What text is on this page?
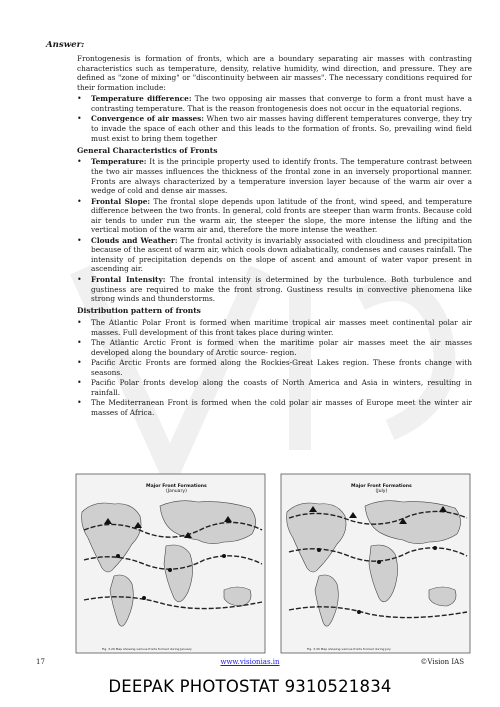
Answer:

Frontogenesis is formation of fronts, which are a boundary separating air masses with contrasting characteristics such as temperature, density, relative humidity, wind direction, and pressure. They are defined as "zone of mixing" or "discontinuity between air masses". The necessary conditions required for their formation include:

• Temperature difference: The two opposing air masses that converge to form a front must have a contrasting temperature. That is the reason frontogenesis does not occur in the equatorial regions.
• Convergence of air masses: When two air masses having different temperatures converge, they try to invade the space of each other and this leads to the formation of fronts. So, prevailing wind field must exist to bring them together
General Characteristics of Fronts
• Temperature: It is the principle property used to identify fronts. The temperature contrast between the two air masses influences the thickness of the frontal zone in an inversely proportional manner. Fronts are always characterized by a temperature inversion layer because of the warm air over a wedge of cold and dense air masses.
• Frontal Slope: The frontal slope depends upon latitude of the front, wind speed, and temperature difference between the two fronts. In general, cold fronts are steeper than warm fronts. Because cold air tends to under run the warm air, the steeper the slope, the more intense the lifting and the vertical motion of the warm air and, therefore the more intense the weather.
• Clouds and Weather: The frontal activity is invariably associated with cloudiness and precipitation because of the ascent of warm air, which cools down adiabatically, condenses and causes rainfall. The intensity of precipitation depends on the slope of ascent and amount of water vapor present in ascending air.
• Frontal Intensity: The frontal intensity is determined by the turbulence. Both turbulence and gustiness are required to make the front strong. Gustiness results in convective phenomena like strong winds and thunderstorms.
Distribution pattern of fronts
• The Atlantic Polar Front is formed when maritime tropical air masses meet continental polar air masses. Full development of this front takes place during winter.
• The Atlantic Arctic Front is formed when the maritime polar air masses meet the air masses developed along the boundary of Arctic source- region.
• Pacific Arctic Fronts are formed along the Rockies-Great Lakes region. These fronts change with seasons.
• Pacific Polar fronts develop along the coasts of North America and Asia in winters, resulting in rainfall.
• The Mediterranean Front is formed when the cold polar air masses of Europe meet the winter air masses of Africa.
Major Front Formations
(January)
Fig. 3.29 Map showing various fronts formed during January
Major Front Formations
(July)
Fig. 3.30 Map showing various fronts formed during July
17	www.visionias.in	©Vision IAS
DEEPAK PHOTOSTAT 9310521834
